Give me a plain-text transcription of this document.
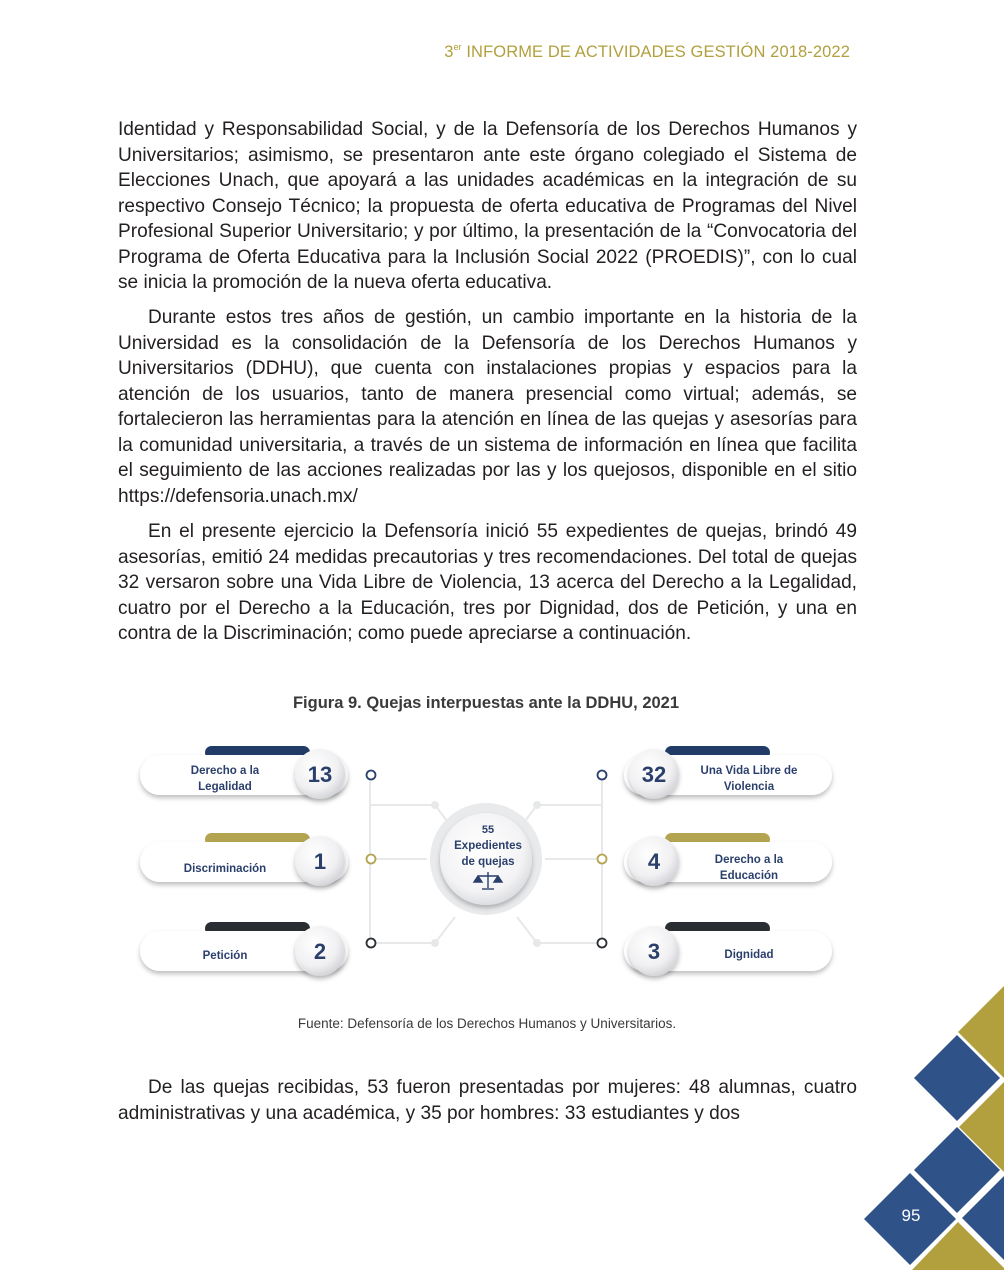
3er INFORME DE ACTIVIDADES GESTIÓN 2018-2022

Identidad y Responsabilidad Social, y de la Defensoría de los Derechos Humanos y Universitarios; asimismo, se presentaron ante este órgano colegiado el Sistema de Elecciones Unach, que apoyará a las unidades académicas en la integración de su respectivo Consejo Técnico; la propuesta de oferta educativa de Programas del Nivel Profesional Superior Universitario; y por último, la presentación de la “Convocatoria del Programa de Oferta Educativa para la Inclusión Social 2022 (PROEDIS)”, con lo cual se inicia la promoción de la nueva oferta educativa.

Durante estos tres años de gestión, un cambio importante en la historia de la Universidad es la consolidación de la Defensoría de los Derechos Humanos y Universitarios (DDHU), que cuenta con instalaciones propias y espacios para la atención de los usuarios, tanto de manera presencial como virtual; además, se fortalecieron las herramientas para la atención en línea de las quejas y asesorías para la comunidad universitaria, a través de un sistema de información en línea que facilita el seguimiento de las acciones realizadas por las y los quejosos, disponible en el sitio https://defensoria.unach.mx/

En el presente ejercicio la Defensoría inició 55 expedientes de quejas, brindó 49 asesorías, emitió 24 medidas precautorias y tres recomendaciones. Del total de quejas 32 versaron sobre una Vida Libre de Violencia, 13 acerca del Derecho a la Legalidad, cuatro por el Derecho a la Educación, tres por Dignidad, dos de Petición, y una en contra de la Discriminación; como puede apreciarse a continuación.

Figura 9. Quejas interpuestas ante la DDHU, 2021
55
Expedientes
de quejas
13
Derecho a la
Legalidad
1
Discriminación
2
Petición
32	Una Vida Libre de
Violencia
4	Derecho a la
Educación
3	Dignidad
Fuente: Defensoría de los Derechos Humanos y Universitarios.

De las quejas recibidas, 53 fueron presentadas por mujeres: 48 alumnas, cuatro administrativas y una académica, y 35 por hombres: 33 estudiantes y dos

95
